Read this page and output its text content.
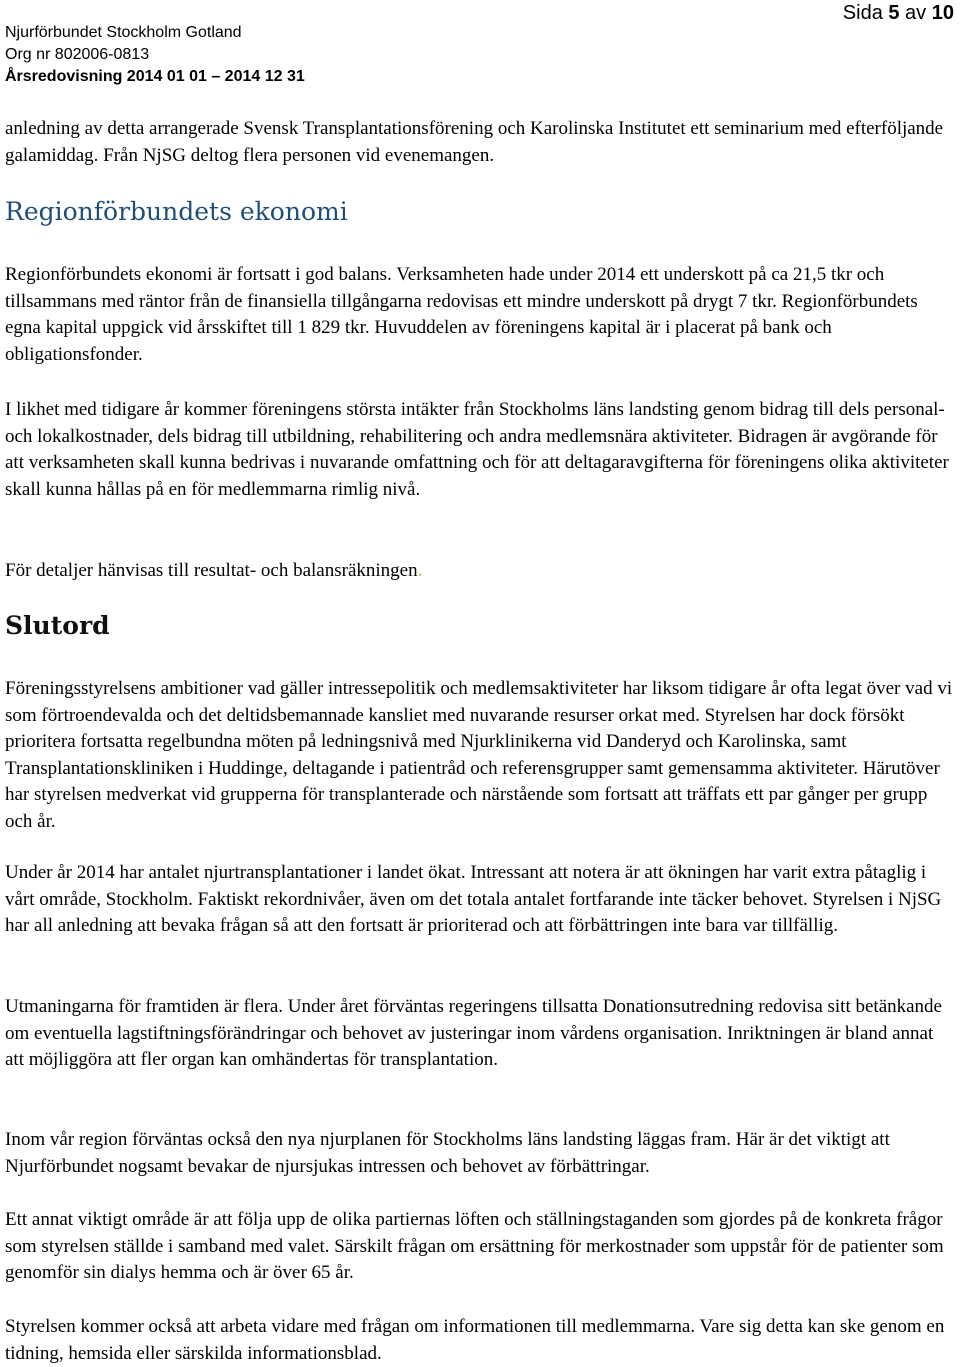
Sida 5 av 10
Njurförbundet Stockholm Gotland
Org nr 802006-0813
Årsredovisning 2014 01 01 – 2014 12 31

anledning av detta arrangerade Svensk Transplantationsförening och Karolinska Institutet ett seminarium med efterföljande galamiddag. Från NjSG deltog flera personen vid evenemangen.

Regionförbundets ekonomi

Regionförbundets ekonomi är fortsatt i god balans. Verksamheten hade under 2014 ett underskott på ca 21,5 tkr och tillsammans med räntor från de finansiella tillgångarna redovisas ett mindre underskott på drygt 7 tkr. Regionförbundets egna kapital uppgick vid årsskiftet till 1 829 tkr. Huvuddelen av föreningens kapital är i placerat på bank och obligationsfonder.

I likhet med tidigare år kommer föreningens största intäkter från Stockholms läns landsting genom bidrag till dels personal- och lokalkostnader, dels bidrag till utbildning, rehabilitering och andra medlemsnära aktiviteter. Bidragen är avgörande för att verksamheten skall kunna bedrivas i nuvarande omfattning och för att deltagaravgifterna för föreningens olika aktiviteter skall kunna hållas på en för medlemmarna rimlig nivå.

För detaljer hänvisas till resultat- och balansräkningen.

Slutord

Föreningsstyrelsens ambitioner vad gäller intressepolitik och medlemsaktiviteter har liksom tidigare år ofta legat över vad vi som förtroendevalda och det deltidsbemannade kansliet med nuvarande resurser orkat med. Styrelsen har dock försökt prioritera fortsatta regelbundna möten på ledningsnivå med Njurklinikerna vid Danderyd och Karolinska, samt Transplantationskliniken i Huddinge, deltagande i patientråd och referensgrupper samt gemensamma aktiviteter. Härutöver har styrelsen medverkat vid grupperna för transplanterade och närstående som fortsatt att träffats ett par gånger per grupp och år.

Under år 2014 har antalet njurtransplantationer i landet ökat. Intressant att notera är att ökningen har varit extra påtaglig i vårt område, Stockholm. Faktiskt rekordnivåer, även om det totala antalet fortfarande inte täcker behovet. Styrelsen i NjSG har all anledning att bevaka frågan så att den fortsatt är prioriterad och att förbättringen inte bara var tillfällig.

Utmaningarna för framtiden är flera. Under året förväntas regeringens tillsatta Donationsutredning redovisa sitt betänkande om eventuella lagstiftningsförändringar och behovet av justeringar inom vårdens organisation. Inriktningen är bland annat att möjliggöra att fler organ kan omhändertas för transplantation.

Inom vår region förväntas också den nya njurplanen för Stockholms läns landsting läggas fram. Här är det viktigt att Njurförbundet nogsamt bevakar de njursjukas intressen och behovet av förbättringar.

Ett annat viktigt område är att följa upp de olika partiernas löften och ställningstaganden som gjordes på de konkreta frågor som styrelsen ställde i samband med valet. Särskilt frågan om ersättning för merkostnader som uppstår för de patienter som genomför sin dialys hemma och är över 65 år.

Styrelsen kommer också att arbeta vidare med frågan om informationen till medlemmarna. Vare sig detta kan ske genom en tidning, hemsida eller särskilda informationsblad.
